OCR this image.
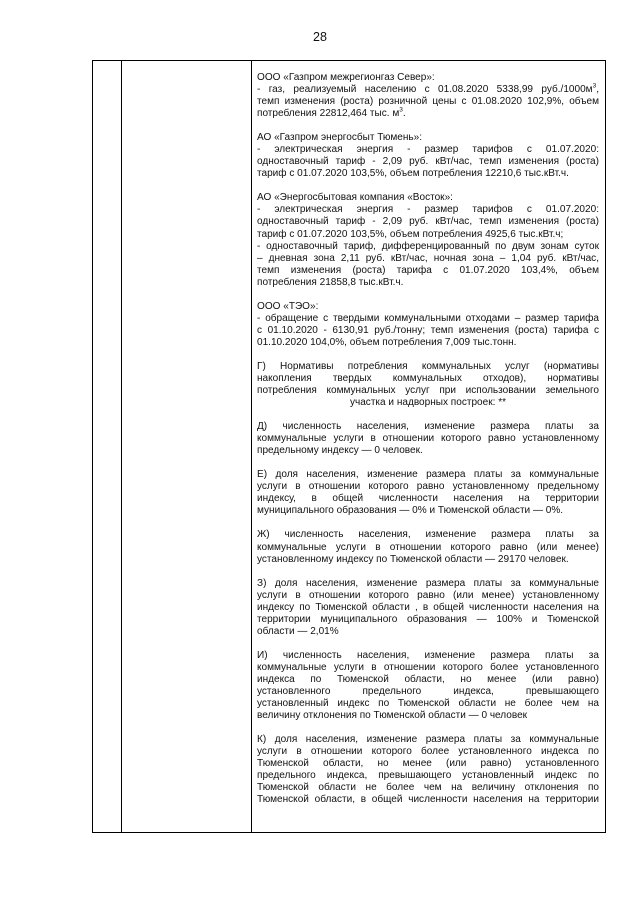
28

ООО «Газпром межрегионгаз Север»:
- газ, реализуемый населению с 01.08.2020 5338,99 $руб./1000м^3$,
темп изменения (роста) розничной цены с 01.08.2020 102,9%, объем
потребления 22812,464 тыс. $м^3$.

АО «Газпром энергосбыт Тюмень»:
- электрическая энергия - размер тарифов с 01.07.2020:
одноставочный тариф - 2,09 руб. кВт/час, темп изменения (роста)
тариф с 01.07.2020 103,5%, объем потребления 12210,6 тыс.кВт.ч.

АО «Энергосбытовая компания «Восток»:
- электрическая энергия - размер тарифов с 01.07.2020:
одноставочный тариф - 2,09 руб. кВт/час, темп изменения (роста)
тариф с 01.07.2020 103,5%, объем потребления 4925,6 тыс.кВт.ч;
- одноставочный тариф, дифференцированный по двум зонам суток
– дневная зона 2,11 руб. кВт/час, ночная зона – 1,04 руб. кВт/час,
темп изменения (роста) тарифа с 01.07.2020 103,4%, объем
потребления 21858,8 тыс.кВт.ч.

ООО «ТЭО»:
- обращение с твердыми коммунальными отходами – размер тарифа
с 01.10.2020 - 6130,91 руб./тонну; темп изменения (роста) тарифа с
01.10.2020 104,0%, объем потребления 7,009 тыс.тонн.

Г) Нормативы потребления коммунальных услуг (нормативы
накопления твердых коммунальных отходов), нормативы
потребления коммунальных услуг при использовании земельного
участка и надворных построек: **

Д) численность населения, изменение размера платы за
коммунальные услуги в отношении которого равно установленному
предельному индексу — 0 человек.

Е) доля населения, изменение размера платы за коммунальные
услуги в отношении которого равно установленному предельному
индексу, в общей численности населения на территории
муниципального образования — 0% и Тюменской области — 0%.

Ж) численность населения, изменение размера платы за
коммунальные услуги в отношении которого равно (или менее)
установленному индексу по Тюменской области — 29170 человек.

З) доля населения, изменение размера платы за коммунальные
услуги в отношении которого равно (или менее) установленному
индексу по Тюменской области , в общей численности населения на
территории муниципального образования — 100% и Тюменской
области — 2,01%

И) численность населения, изменение размера платы за
коммунальные услуги в отношении которого более установленного
индекса по Тюменской области, но менее (или равно)
установленного предельного индекса, превышающего
установленный индекс по Тюменской области не более чем на
величину отклонения по Тюменской области — 0 человек

К) доля населения, изменение размера платы за коммунальные
услуги в отношении которого более установленного индекса по
Тюменской области, но менее (или равно) установленного
предельного индекса, превышающего установленный индекс по
Тюменской области не более чем на величину отклонения по
Тюменской области, в общей численности населения на территории
